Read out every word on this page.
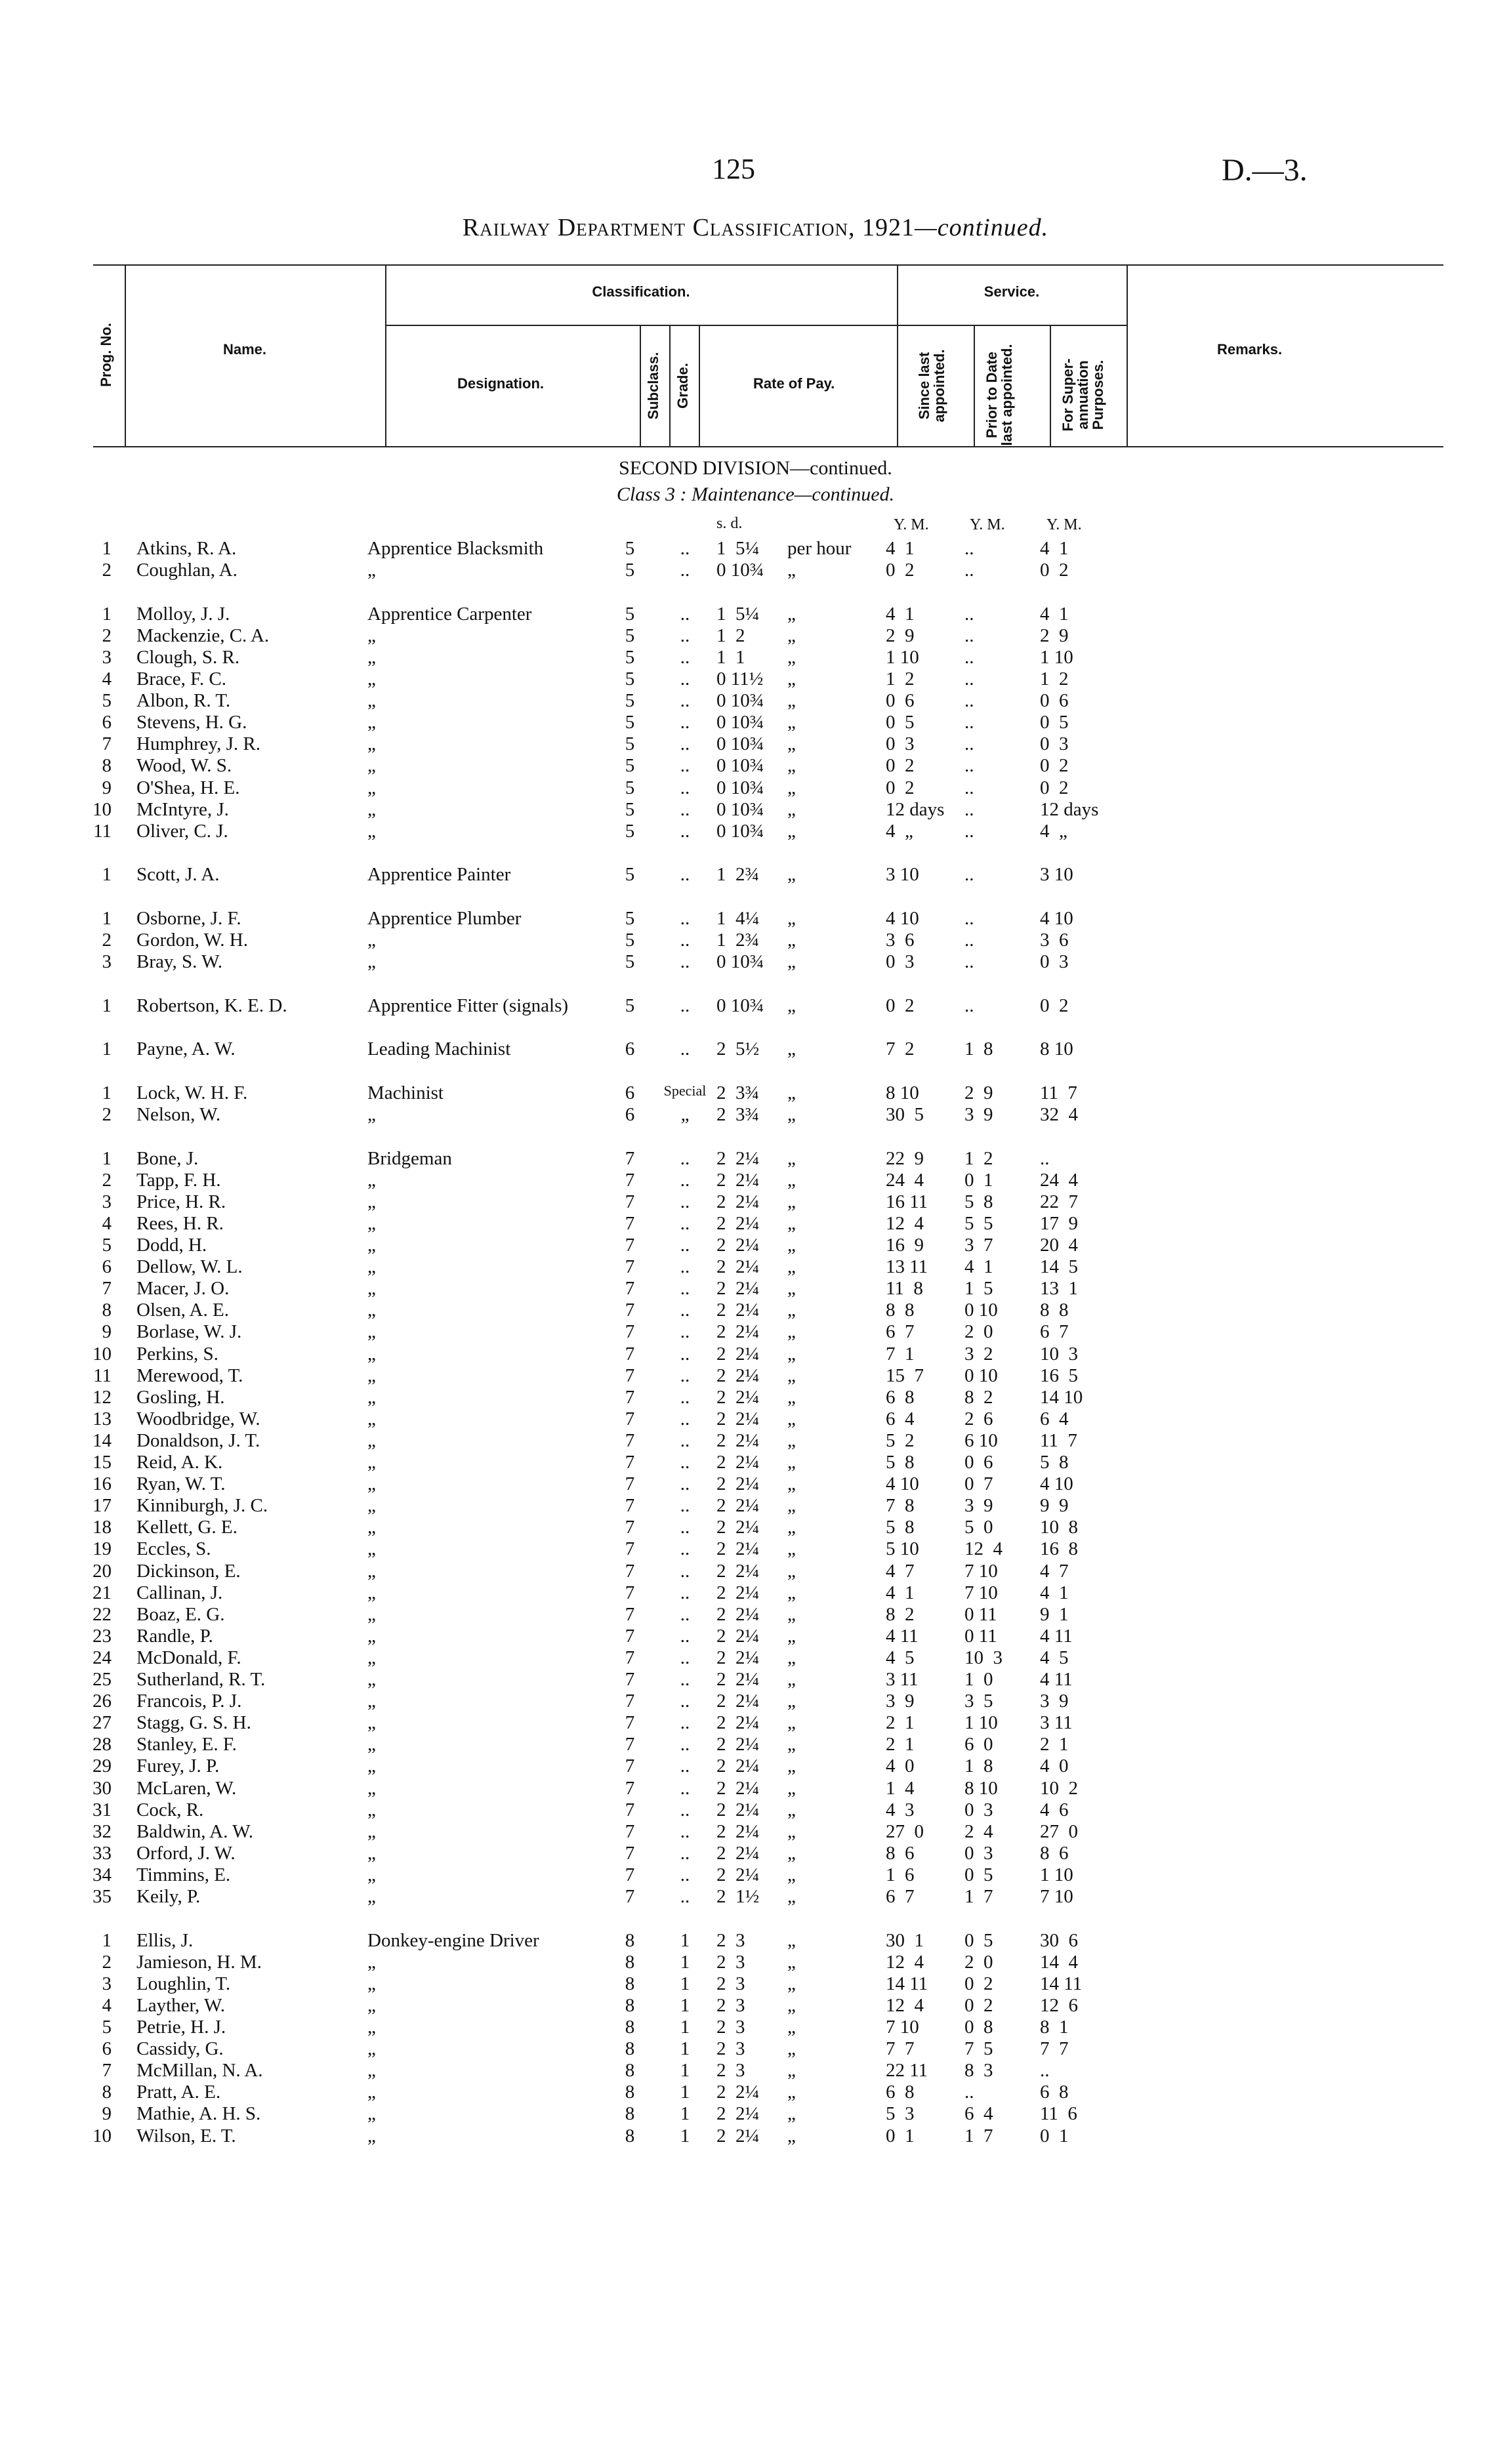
125	D.—3.
Railway Department Classification, 1921—continued.
Prog. No.	Name.
Classification.	Service.
Designation.	Subclass. Grade.	Rate of Pay.	Since last appointed.	Prior to Date last appointed.	For Super-annuation Purposes.
Remarks.
SECOND DIVISION—continued.
Class 3 : Maintenance—continued.
s. d.	Y. M.	Y. M.	Y. M.
1 Atkins, R. A.	Apprentice Blacksmith	5	..	1  5¼ per hour	4  1	..	4  1
2 Coughlan, A.	„	5	..	0 10¾ „	0  2	..	0  2
1 Molloy, J. J.	Apprentice Carpenter	5	..	1  5¼ „	4  1	..	4  1
2 Mackenzie, C. A.	„	5	..	1  2 „	2  9	..	2  9
3 Clough, S. R.	„	5	..	1  1 „	1 10	..	1 10
4 Brace, F. C.	„	5	..	0 11½ „	1  2	..	1  2
5 Albon, R. T.	„	5	..	0 10¾ „	0  6	..	0  6
6 Stevens, H. G.	„	5	..	0 10¾ „	0  5	..	0  5
7 Humphrey, J. R.	„	5	..	0 10¾ „	0  3	..	0  3
8 Wood, W. S.	„	5	..	0 10¾ „	0  2	..	0  2
9 O'Shea, H. E.	„	5	..	0 10¾ „	0  2	..	0  2
10 McIntyre, J.	„	5	..	0 10¾ „	12 days	..	12 days
11 Oliver, C. J.	„	5	..	0 10¾ „	4  „	..	4  „
1 Scott, J. A.	Apprentice Painter	5	..	1  2¾ „	3 10	..	3 10
1 Osborne, J. F.	Apprentice Plumber	5	..	1  4¼ „	4 10	..	4 10
2 Gordon, W. H.	„	5	..	1  2¾ „	3  6	..	3  6
3 Bray, S. W.	„	5	..	0 10¾ „	0  3	..	0  3
1 Robertson, K. E. D.	Apprentice Fitter (signals)	5	..	0 10¾ „	0  2	..	0  2
1 Payne, A. W.	Leading Machinist	6	..	2  5½ „	7  2	1  8	8 10
1 Lock, W. H. F.	Machinist	6	Special 2  3¾ „	8 10	2  9	11  7
2 Nelson, W.	„	6	„	2  3¾ „	30  5	3  9	32  4
1 Bone, J.	Bridgeman	7	..	2  2¼ „	22  9	1  2	..
2 Tapp, F. H.	„	7	..	2  2¼ „	24  4	0  1	24  4
3 Price, H. R.	„	7	..	2  2¼ „	16 11	5  8	22  7
4 Rees, H. R.	„	7	..	2  2¼ „	12  4	5  5	17  9
5 Dodd, H.	„	7	..	2  2¼ „	16  9	3  7	20  4
6 Dellow, W. L.	„	7	..	2  2¼ „	13 11	4  1	14  5
7 Macer, J. O.	„	7	..	2  2¼ „	11  8	1  5	13  1
8 Olsen, A. E.	„	7	..	2  2¼ „	8  8	0 10	8  8
9 Borlase, W. J.	„	7	..	2  2¼ „	6  7	2  0	6  7
10 Perkins, S.	„	7	..	2  2¼ „	7  1	3  2	10  3
11 Merewood, T.	„	7	..	2  2¼ „	15  7	0 10	16  5
12 Gosling, H.	„	7	..	2  2¼ „	6  8	8  2	14 10
13 Woodbridge, W.	„	7	..	2  2¼ „	6  4	2  6	6  4
14 Donaldson, J. T.	„	7	..	2  2¼ „	5  2	6 10	11  7
15 Reid, A. K.	„	7	..	2  2¼ „	5  8	0  6	5  8
16 Ryan, W. T.	„	7	..	2  2¼ „	4 10	0  7	4 10
17 Kinniburgh, J. C.	„	7	..	2  2¼ „	7  8	3  9	9  9
18 Kellett, G. E.	„	7	..	2  2¼ „	5  8	5  0	10  8
19 Eccles, S.	„	7	..	2  2¼ „	5 10	12  4	16  8
20 Dickinson, E.	„	7	..	2  2¼ „	4  7	7 10	4  7
21 Callinan, J.	„	7	..	2  2¼ „	4  1	7 10	4  1
22 Boaz, E. G.	„	7	..	2  2¼ „	8  2	0 11	9  1
23 Randle, P.	„	7	..	2  2¼ „	4 11	0 11	4 11
24 McDonald, F.	„	7	..	2  2¼ „	4  5	10  3	4  5
25 Sutherland, R. T.	„	7	..	2  2¼ „	3 11	1  0	4 11
26 Francois, P. J.	„	7	..	2  2¼ „	3  9	3  5	3  9
27 Stagg, G. S. H.	„	7	..	2  2¼ „	2  1	1 10	3 11
28 Stanley, E. F.	„	7	..	2  2¼ „	2  1	6  0	2  1
29 Furey, J. P.	„	7	..	2  2¼ „	4  0	1  8	4  0
30 McLaren, W.	„	7	..	2  2¼ „	1  4	8 10	10  2
31 Cock, R.	„	7	..	2  2¼ „	4  3	0  3	4  6
32 Baldwin, A. W.	„	7	..	2  2¼ „	27  0	2  4	27  0
33 Orford, J. W.	„	7	..	2  2¼ „	8  6	0  3	8  6
34 Timmins, E.	„	7	..	2  2¼ „	1  6	0  5	1 10
35 Keily, P.	„	7	..	2  1½ „	6  7	1  7	7 10
1 Ellis, J.	Donkey-engine Driver	8	1	2  3 „	30  1	0  5	30  6
2 Jamieson, H. M.	„	8	1	2  3 „	12  4	2  0	14  4
3 Loughlin, T.	„	8	1	2  3 „	14 11	0  2	14 11
4 Layther, W.	„	8	1	2  3 „	12  4	0  2	12  6
5 Petrie, H. J.	„	8	1	2  3 „	7 10	0  8	8  1
6 Cassidy, G.	„	8	1	2  3 „	7  7	7  5	7  7
7 McMillan, N. A.	„	8	1	2  3 „	22 11	8  3	..
8 Pratt, A. E.	„	8	1	2  2¼ „	6  8	..	6  8
9 Mathie, A. H. S.	„	8	1	2  2¼ „	5  3	6  4	11  6
10 Wilson, E. T.	„	8	1	2  2¼ „	0  1	1  7	0  1
